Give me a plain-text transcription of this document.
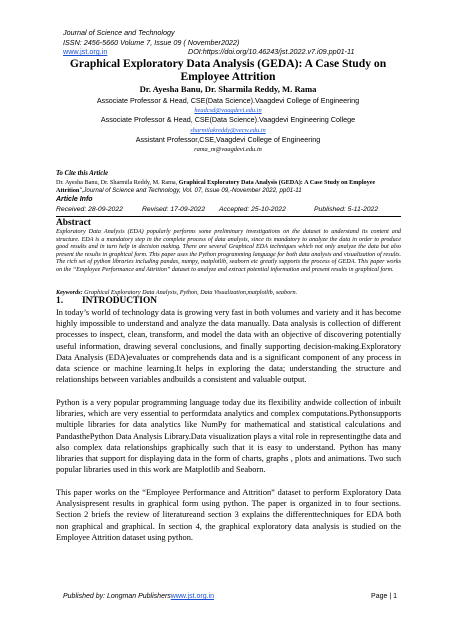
Journal of Science and Technology
ISSN: 2456-5660 Volume 7, Issue 09 ( November2022)
www.jst.org.in	DOI:https://doi.org/10.46243/jst.2022.v7.i09.pp01-11
Graphical Exploratory Data Analysis (GEDA): A Case Study on Employee Attrition
Dr. Ayesha Banu, Dr. Sharmila Reddy, M. Rama
Associate Professor & Head, CSE(Data Science).Vaagdevi College of Engineering
headcsd@vaagdevi.edu.in
Associate Professor & Head, CSE(Data Science).Vaagdevi Engineering College
sharmilakreddy@vecw.edu.in
Assistant Professor,CSE,Vaagdevi College of Engineering
rama_m@vaagdevi.edu.in
To Cite this Article
Dr. Ayesha Banu, Dr. Sharmila Reddy, M. Rama, Graphical Exploratory Data Analysis (GEDA): A Case Study on Employee Attrition",Journal of Science and Technology, Vol. 07, Issue 09,-November 2022, pp01-11
Article Info
Received: 28-09-2022	Revised: 17-09-2022 Accepted: 25-10-2022	Published: 5-11-2022
Abstract
Exploratory Data Analysis (EDA) popularly performs some preliminary investigations on the dataset to understand its content and structure. EDA is a mandatory step in the complete process of data analysis, since its mandatory to analyze the data in order to produce good results and in turn help in decision making. There are several Graphical EDA techniques which not only analyze the data but also present the results in graphical form. This paper uses the Python programming language for both data analysis and visualization of results. The rich set of python libraries including pandas, numpy, matplotlib, seaborn etc greatly supports the process of GEDA. This paper works on the “Employee Performance and Attrition” dataset to analyze and extract potential information and present results in graphical form.
Keywords: Graphical Exploratory Data Analysis, Python, Data Visualization,matplotlib, seaborn.
1. INTRODUCTION
In today’s world of technology data is growing very fast in both volumes and variety and it has become highly impossible to understand and analyze the data manually. Data analysis is collection of different processes to inspect, clean, transform, and model the data with an objective of discovering potentially useful information, drawing several conclusions, and finally supporting decision-making.Exploratory Data Analysis (EDA)evaluates or comprehends data and is a significant component of any process in data science or machine learning.It helps in exploring the data; understanding the structure and relationships between variables andbuilds a consistent and valuable output.
Python is a very popular programming language today due its flexibility andwide collection of inbuilt libraries, which are very essential to performdata analytics and complex computations.Pythonsupports multiple libraries for data analytics like NumPy for mathematical and statistical calculations and PandasthePython Data Analysis Library.Data visualization plays a vital role in representingthe data and also complex data relationships graphically such that it is easy to understand. Python has many libraries that support for displaying data in the form of charts, graphs , plots and animations. Two such popular libraries used in this work are Matplotlib and Seaborn.
This paper works on the “Employee Performance and Attrition” dataset to perform Exploratory Data Analysispresent results in graphical form using python. The paper is organized in to four sections. Section 2 briefs the review of literatureand section 3 explains the differenttechniques for EDA both non graphical and graphical. In section 4, the graphical exploratory data analysis is studied on the Employee Attrition dataset using python.
Published by: Longman Publisherswww.jst.org.in	Page | 1
